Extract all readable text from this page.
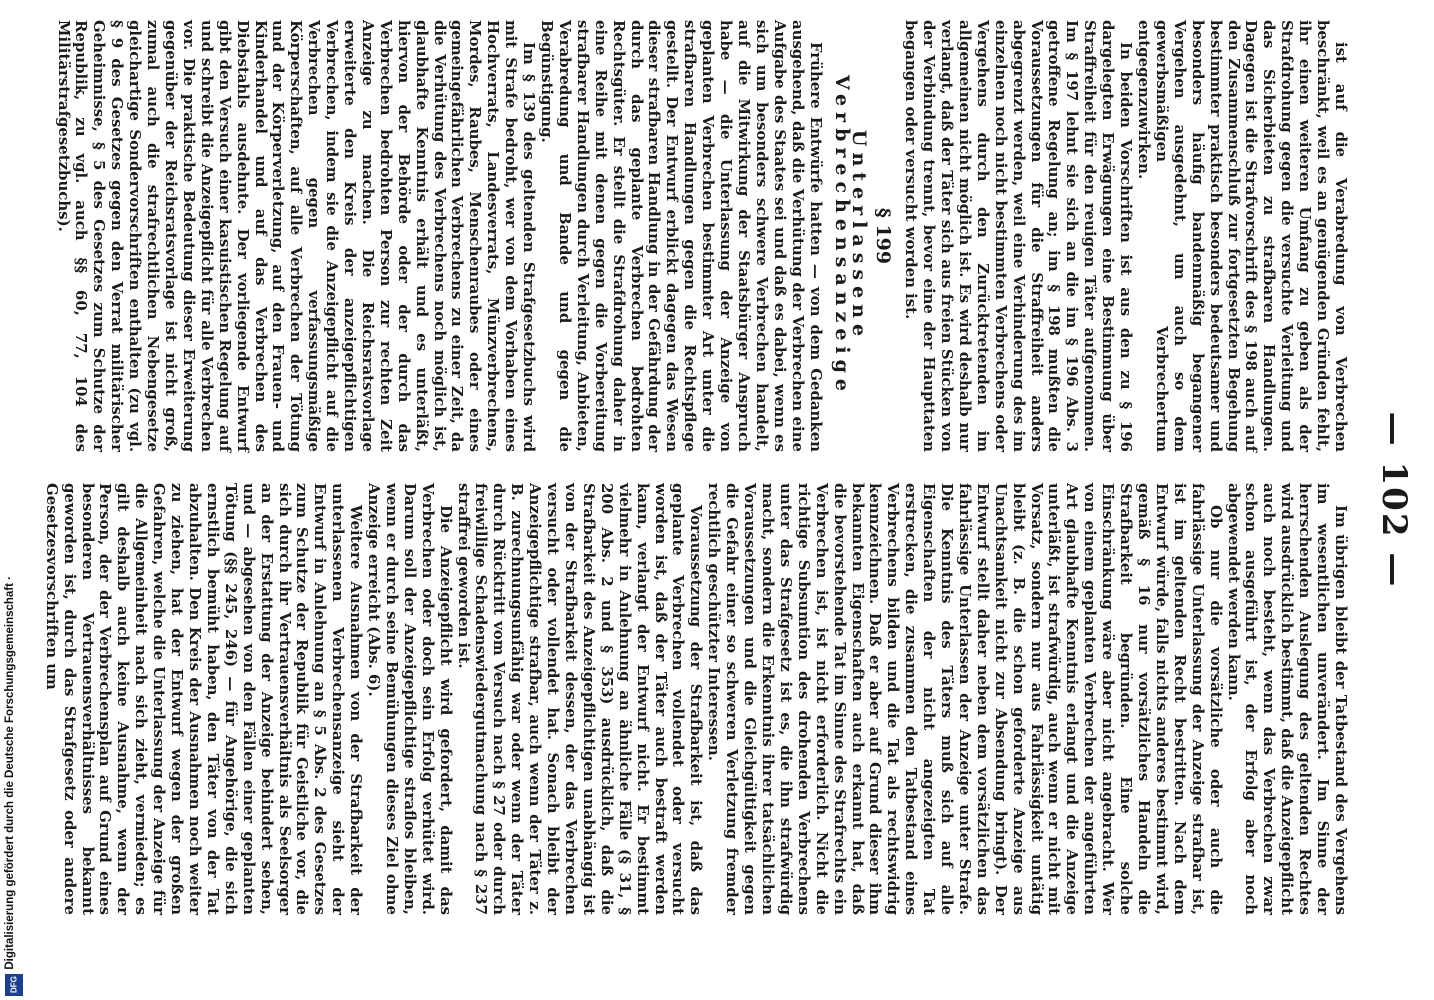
Digitalisierung gefördert durch die Deutsche Forschungsgemeinschaft ·
DFG
— 102 —

ist auf die Verabredung von Verbrechen beschränkt, weil es an genügenden Gründen fehlt, ihr einen weiteren Umfang zu geben als der Strafdrohung gegen die versuchte Verleitung und das Sicherbieten zu strafbaren Handlungen. Dagegen ist die Strafvorschrift des § 198 auch auf den Zusammenschluß zur fortgesetzten Begehung bestimmter praktisch besonders bedeutsamer und besonders häufig bandenmäßig begangener Vergehen ausgedehnt, um auch so dem gewerbsmäßigen Verbrechertum entgegenzuwirken.

In beiden Vorschriften ist aus den zu § 196 dargelegten Erwägungen eine Bestimmung über Straffreiheit für den reuigen Täter aufgenommen. Im § 197 lehnt sie sich an die im § 196 Abs. 3 getroffene Regelung an; im § 198 mußten die Voraussetzungen für die Straffreiheit anders abgegrenzt werden, weil eine Verhinderung des im einzelnen noch nicht bestimmten Verbrechens oder Vergehens durch den Zurücktretenden im allgemeinen nicht möglich ist. Es wird deshalb nur verlangt, daß der Täter sich aus freien Stücken von der Verbindung trennt, bevor eine der Haupttaten begangen oder versucht worden ist.

§ 199
Unterlassene Verbrechensanzeige

Frühere Entwürfe hatten — von dem Gedanken ausgehend, daß die Verhütung der Verbrechen eine Aufgabe des Staates sei und daß es dabei, wenn es sich um besonders schwere Verbrechen handelt, auf die Mitwirkung der Staatsbürger Anspruch habe — die Unterlassung der Anzeige von geplanten Verbrechen bestimmter Art unter die strafbaren Handlungen gegen die Rechtspflege gestellt. Der Entwurf erblickt dagegen das Wesen dieser strafbaren Handlung in der Gefährdung der durch das geplante Verbrechen bedrohten Rechtsgüter. Er stellt die Strafdrohung daher in eine Reihe mit denen gegen die Vorbereitung strafbarer Handlungen durch Verleitung, Anbieten, Verabredung und Bande und gegen die Begünstigung.

Im § 139 des geltenden Strafgesetzbuchs wird mit Strafe bedroht, wer von dem Vorhaben eines Hochverrats, Landesverrats, Münzverbrechens, Mordes, Raubes, Menschenraubes oder eines gemeingefährlichen Verbrechens zu einer Zeit, da die Verhütung des Verbrechens noch möglich ist, glaubhafte Kenntnis erhält und es unterläßt, hiervon der Behörde oder der durch das Verbrechen bedrohten Person zur rechten Zeit Anzeige zu machen. Die Reichsratsvorlage erweiterte den Kreis der anzeigepflichtigen Verbrechen, indem sie die Anzeigepflicht auf die Verbrechen gegen verfassungsmäßige Körperschaften, auf alle Verbrechen der Tötung und der Körperverletzung, auf den Frauen- und Kinderhandel und auf das Verbrechen des Diebstahls ausdehnte. Der vorliegende Entwurf gibt den Versuch einer kasuistischen Regelung auf und schreibt die Anzeigepflicht für alle Verbrechen vor. Die praktische Bedeutung dieser Erweiterung gegenüber der Reichsratsvorlage ist nicht groß, zumal auch die strafrechtlichen Nebengesetze gleichartige Sondervorschriften enthalten (zu vgl. § 9 des Gesetzes gegen den Verrat militärischer Geheimnisse, § 5 des Gesetzes zum Schutze der Republik, zu vgl. auch §§ 60, 77, 104 des Militärstrafgesetzbuchs).

Im übrigen bleibt der Tatbestand des Vergehens im wesentlichen unverändert. Im Sinne der herrschenden Auslegung des geltenden Rechtes wird ausdrücklich bestimmt, daß die Anzeigepflicht auch noch besteht, wenn das Verbrechen zwar schon ausgeführt ist, der Erfolg aber noch abgewendet werden kann.

Ob nur die vorsätzliche oder auch die fahrlässige Unterlassung der Anzeige strafbar ist, ist im geltenden Recht bestritten. Nach dem Entwurf würde, falls nichts anderes bestimmt wird, gemäß § 16 nur vorsätzliches Handeln die Strafbarkeit begründen. Eine solche Einschränkung wäre aber nicht angebracht. Wer von einem geplanten Verbrechen der angeführten Art glaubhafte Kenntnis erlangt und die Anzeige unterläßt, ist strafwürdig, auch wenn er nicht mit Vorsatz, sondern nur aus Fahrlässigkeit untätig bleibt (z. B. die schon geforderte Anzeige aus Unachtsamkeit nicht zur Absendung bringt). Der Entwurf stellt daher neben dem vorsätzlichen das fahrlässige Unterlassen der Anzeige unter Strafe. Die Kenntnis des Täters muß sich auf alle Eigenschaften der nicht angezeigten Tat erstrecken, die zusammen den Tatbestand eines Verbrechens bilden und die Tat als rechtswidrig kennzeichnen. Daß er aber auf Grund dieser ihm bekannten Eigenschaften auch erkannt hat, daß die bevorstehende Tat im Sinne des Strafrechts ein Verbrechen ist, ist nicht erforderlich. Nicht die richtige Subsumtion des drohenden Verbrechens unter das Strafgesetz ist es, die ihn strafwürdig macht, sondern die Erkenntnis ihrer tatsächlichen Voraussetzungen und die Gleichgültigkeit gegen die Gefahr einer so schweren Verletzung fremder rechtlich geschützter Interessen.

Voraussetzung der Strafbarkeit ist, daß das geplante Verbrechen vollendet oder versucht worden ist, daß der Täter auch bestraft werden kann, verlangt der Entwurf nicht. Er bestimmt vielmehr in Anlehnung an ähnliche Fälle (§ 31, § 200 Abs. 2 und § 353) ausdrücklich, daß die Strafbarkeit des Anzeigepflichtigen unabhängig ist von der Strafbarkeit dessen, der das Verbrechen versucht oder vollendet hat. Sonach bleibt der Anzeigepflichtige strafbar, auch wenn der Täter z. B. zurechnungsunfähig war oder wenn der Täter durch Rücktritt vom Versuch nach § 27 oder durch freiwillige Schadenswiedergutmachung nach § 237 straffrei geworden ist.

Die Anzeigepflicht wird gefordert, damit das Verbrechen oder doch sein Erfolg verhütet wird. Darum soll der Anzeigepflichtige straflos bleiben, wenn er durch seine Bemühungen dieses Ziel ohne Anzeige erreicht (Abs. 6).

Weitere Ausnahmen von der Strafbarkeit der unterlassenen Verbrechensanzeige sieht der Entwurf in Anlehnung an § 5 Abs. 2 des Gesetzes zum Schutze der Republik für Geistliche vor, die sich durch ihr Vertrauensverhältnis als Seelsorger an der Erstattung der Anzeige behindert sehen, und — abgesehen von den Fällen einer geplanten Tötung (§§ 245, 246) — für Angehörige, die sich ernstlich bemüht haben, den Täter von der Tat abzuhalten. Den Kreis der Ausnahmen noch weiter zu ziehen, hat der Entwurf wegen der großen Gefahren, welche die Unterlassung der Anzeige für die Allgemeinheit nach sich zieht, vermieden; es gilt deshalb auch keine Ausnahme, wenn der Person, der der Verbrechensplan auf Grund eines besonderen Vertrauensverhältnisses bekannt geworden ist, durch das Strafgesetz oder andere Gesetzesvorschriften um
